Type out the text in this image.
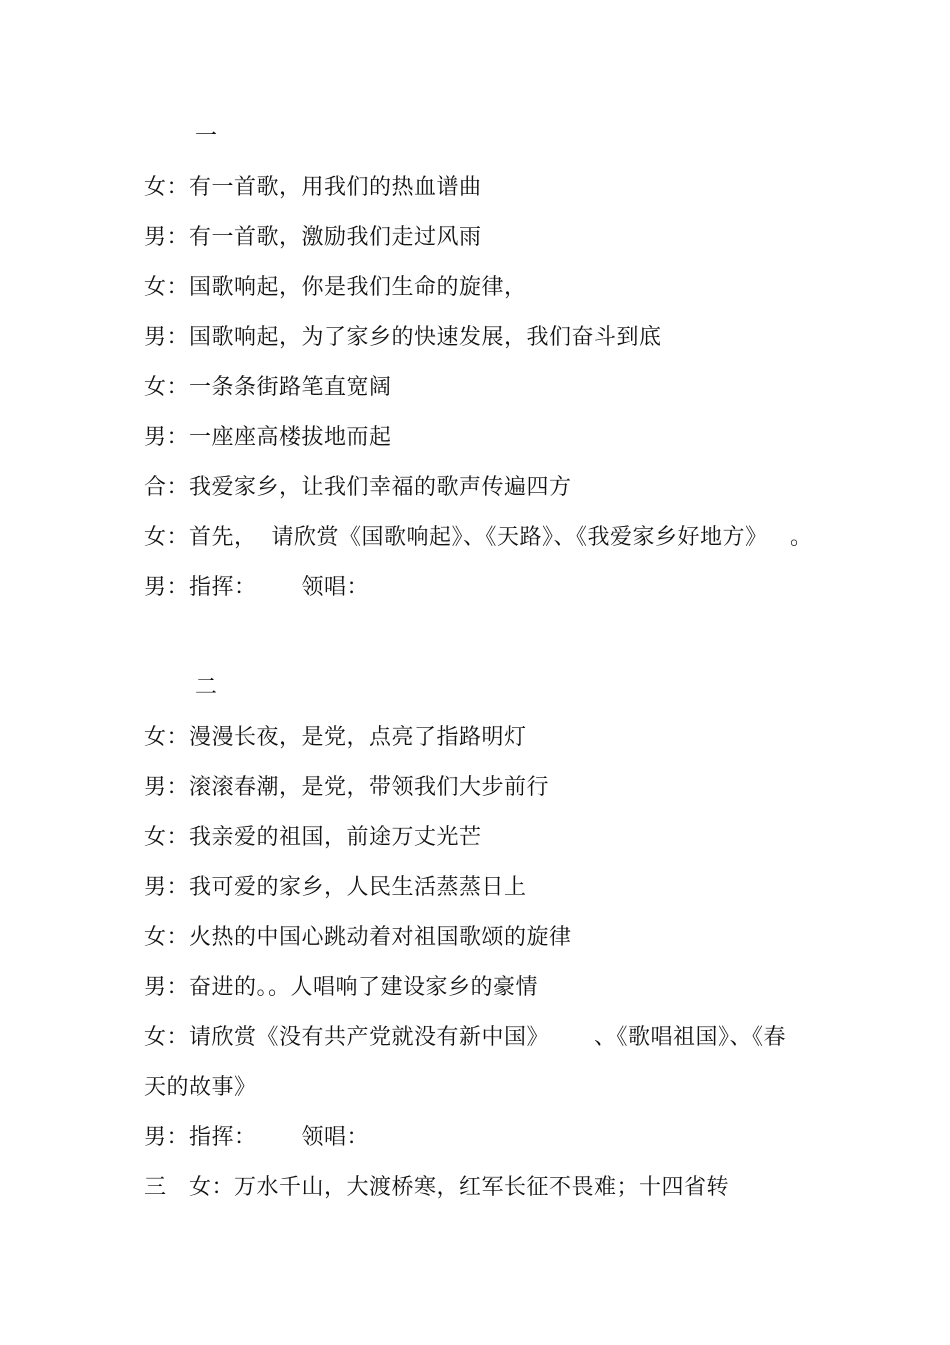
一
女：有一首歌，用我们的热血谱曲
男：有一首歌，激励我们走过风雨
女：国歌响起，你是我们生命的旋律，
男：国歌响起，为了家乡的快速发展，我们奋斗到底
女：一条条街路笔直宽阔
男：一座座高楼拔地而起
合：我爱家乡，让我们幸福的歌声传遍四方
女：首先，  请欣赏《国歌响起》、《天路》、《我爱家乡好地方》   。
男：指挥：      领唱：
二
女：漫漫长夜，是党，点亮了指路明灯
男：滚滚春潮，是党，带领我们大步前行
女：我亲爱的祖国，前途万丈光芒
男：我可爱的家乡，人民生活蒸蒸日上
女：火热的中国心跳动着对祖国歌颂的旋律
男：奋进的。。人唱响了建设家乡的豪情
女：请欣赏《没有共产党就没有新中国》      、《歌唱祖国》、《春
天的故事》
男：指挥：      领唱：
三   女：万水千山，大渡桥寒，红军长征不畏难；十四省转
